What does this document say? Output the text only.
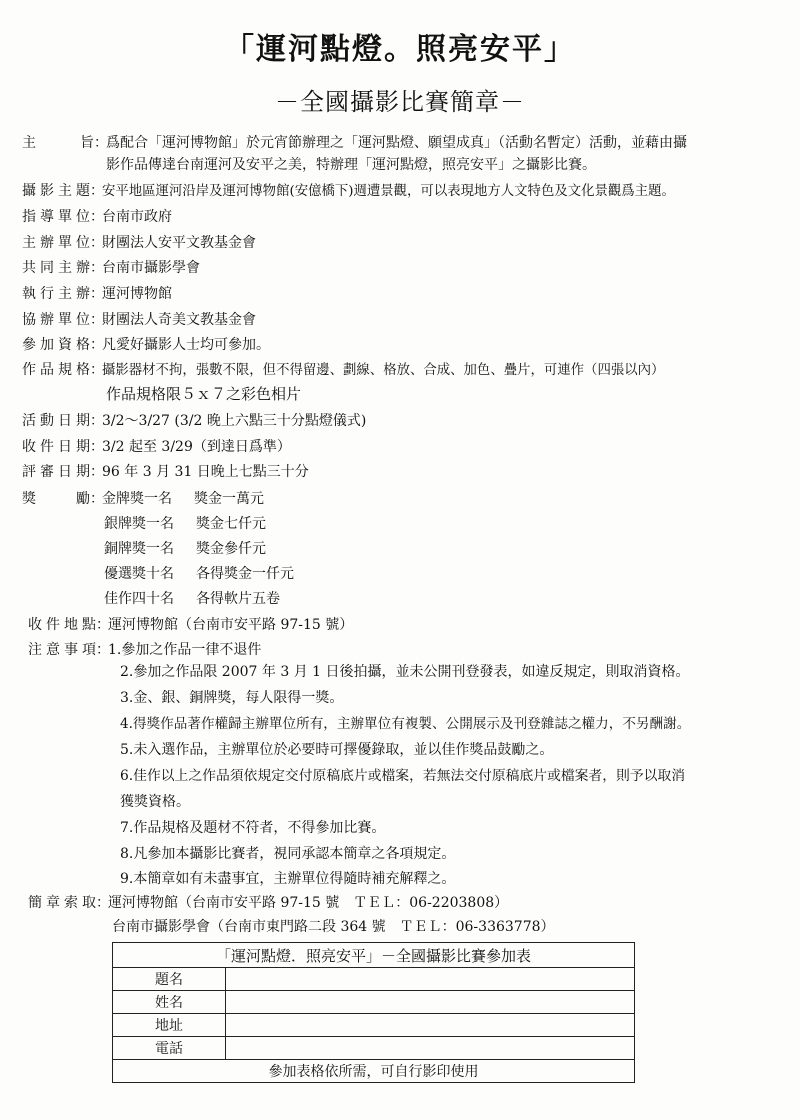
「運河點燈。照亮安平」
－全國攝影比賽簡章－
主　　旨：爲配合「運河博物館」於元宵節辦理之「運河點燈、願望成真」（活動名暫定）活動，並藉由攝
影作品傳達台南運河及安平之美，特辦理「運河點燈，照亮安平」之攝影比賽。
攝影主題：安平地區運河沿岸及運河博物館(安億橋下)週遭景觀，可以表現地方人文特色及文化景觀爲主題。
指導單位：台南市政府
主辦單位：財團法人安平文教基金會
共同主辦：台南市攝影學會
執行主辦：運河博物館
協辦單位：財團法人奇美文教基金會
參加資格：凡愛好攝影人士均可參加。
作品規格：攝影器材不拘，張數不限，但不得留邊、劃線、格放、合成、加色、疊片，可連作（四張以內）
作品規格限５ｘ７之彩色相片
活動日期：3/2～3/27 (3/2 晚上六點三十分點燈儀式)
收件日期：3/2 起至 3/29（到達日爲準）
評審日期：96 年 3 月 31 日晚上七點三十分
獎　　勵：金牌獎一名 獎金一萬元
銀牌獎一名 獎金七仟元
銅牌獎一名 獎金參仟元
優選獎十名 各得獎金一仟元
佳作四十名 各得軟片五卷
收件地點：運河博物館（台南市安平路 97-15 號）
注意事項：1.參加之作品一律不退件
2.參加之作品限 2007 年 3 月 1 日後拍攝，並未公開刊登發表，如違反規定，則取消資格。
3.金、銀、銅牌獎，每人限得一獎。
4.得獎作品著作權歸主辦單位所有，主辦單位有複製、公開展示及刊登雜誌之權力，不另酬謝。
5.未入選作品，主辦單位於必要時可擇優錄取，並以佳作獎品鼓勵之。
6.佳作以上之作品須依規定交付原稿底片或檔案，若無法交付原稿底片或檔案者，則予以取消
獲獎資格。
7.作品規格及題材不符者，不得參加比賽。
8.凡參加本攝影比賽者，視同承認本簡章之各項規定。
9.本簡章如有未盡事宜，主辦單位得隨時補充解釋之。
簡章索取：運河博物館（台南市安平路 97-15 號　ＴＥＬ：06-2203808）
台南市攝影學會（台南市東門路二段 364 號　ＴＥＬ：06-3363778）
「運河點燈．照亮安平」－全國攝影比賽參加表	
題名	
姓名	
地址	
電話	
參加表格依所需，可自行影印使用	
